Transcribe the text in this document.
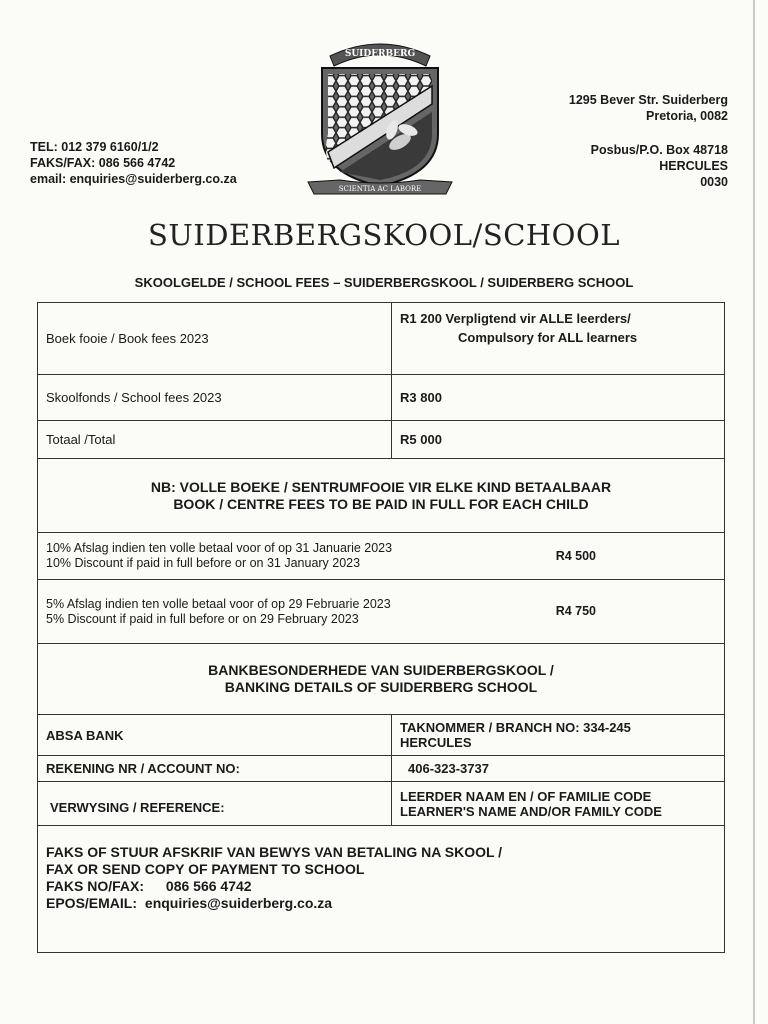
TEL: 012 379 6160/1/2
FAKS/FAX: 086 566 4742
email: enquiries@suiderberg.co.za
1295 Bever Str. Suiderberg
Pretoria, 0082
Posbus/P.O. Box 48718
HERCULES
0030
SUIDERBERG
SCIENTIA AC LABORE
SUIDERBERGSKOOL/SCHOOL
SKOOLGELDE / SCHOOL FEES – SUIDERBERGSKOOL / SUIDERBERG SCHOOL
Boek fooie / Book fees 2023	R1 200 Verpligtend vir ALLE leerders/
Compulsory for ALL learners

Skoolfonds / School fees 2023	R3 800
Totaal /Total	R5 000

NB: VOLLE BOEKE / SENTRUMFOOIE VIR ELKE KIND BETAALBAAR
BOOK / CENTRE FEES TO BE PAID IN FULL FOR EACH CHILD	

10% Afslag indien ten volle betaal voor of op 31 Januarie 2023
10% Discount if paid in full before or on 31 January 2023
R4 500	

5% Afslag indien ten volle betaal voor of op 29 Februarie 2023
5% Discount if paid in full before or on 29 February 2023
R4 750	

BANKBESONDERHEDE VAN SUIDERBERGSKOOL /
BANKING DETAILS OF SUIDERBERG SCHOOL	

ABSA BANK	TAKNOMMER / BRANCH NO: 334-245
HERCULES

REKENING NR / ACCOUNT NO:	406-323-3737
VERWYSING / REFERENCE:	LEERDER NAAM EN / OF FAMILIE CODE
LEARNER'S NAME AND/OR FAMILY CODE

FAKS OF STUUR AFSKRIF VAN BEWYS VAN BETALING NA SKOOL /
FAX OR SEND COPY OF PAYMENT TO SCHOOL
FAKS NO/FAX: 086 566 4742
EPOS/EMAIL: enquiries@suiderberg.co.za	
